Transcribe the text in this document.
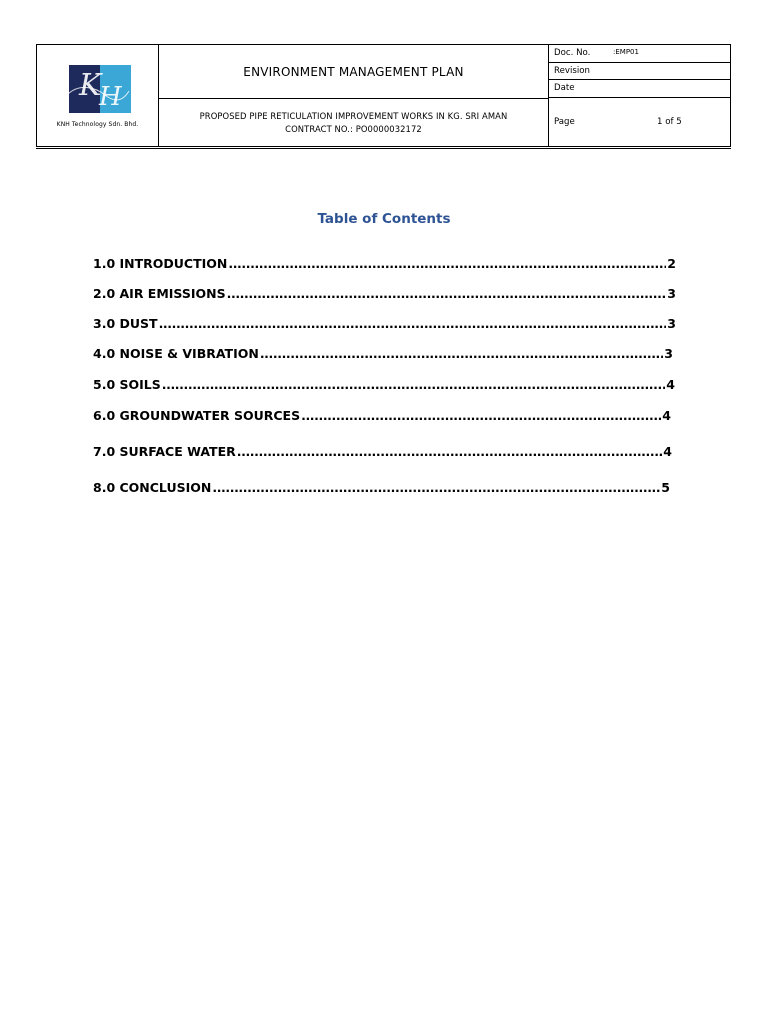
K
H
KNH Technology Sdn. Bhd.
ENVIRONMENT MANAGEMENT PLAN
PROPOSED PIPE RETICULATION IMPROVEMENT WORKS IN KG. SRI AMAN
CONTRACT NO.: PO0000032172
Doc. No.	:EMP01
Revision
Date
Page	1 of 5
Table of Contents
1.0 INTRODUCTION .....	2
2.0 AIR EMISSIONS .....	3
3.0 DUST .....	3
4.0 NOISE & VIBRATION .....	3
5.0 SOILS .....	4
6.0 GROUNDWATER SOURCES .....	4
7.0 SURFACE WATER .....	4
8.0 CONCLUSION .....	5
